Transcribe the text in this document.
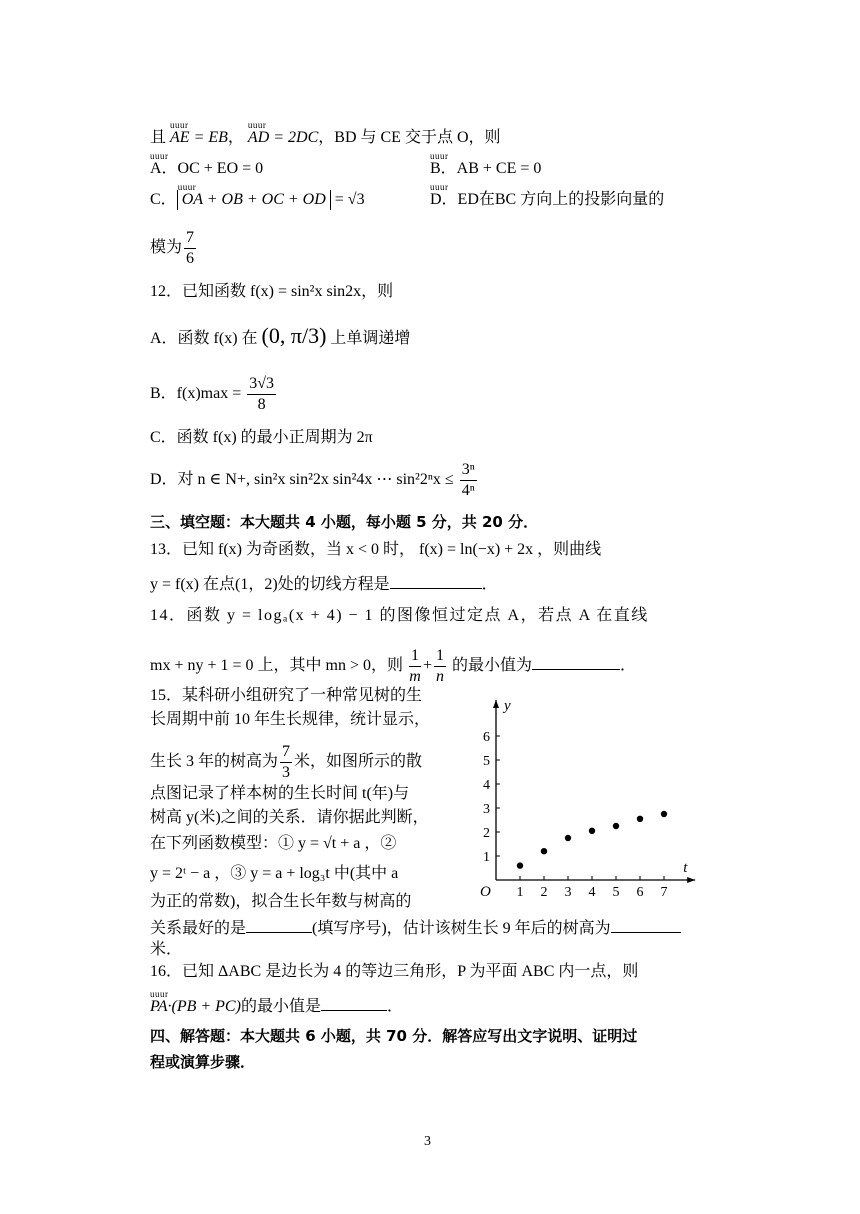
且 uuur AE = EB， uuur AD = 2DC，BD 与 CE 交于点 O，则
uuur A．OC + EO = 0	uuur B．AB + CE = 0
C． uuur OA + OB + OC + OD = √3	uuur D．ED在BC 方向上的投影向量的
模为 $\frac{7}{6}$
12．已知函数 f(x) = sin²x sin2x，则
A．函数 f(x) 在 (0, π/3) 上单调递增
B．$f(x)\max = \frac{3√3}{8}$
C．函数 f(x) 的最小正周期为 2π
D．对 n ∈ N+, sin²x sin²2x sin²4x ⋯ $\sin^22^nx \le \frac{\text{3ⁿ}}{\text{4ⁿ}}$
三、填空题：本大题共 4 小题，每小题 5 分，共 20 分．
13．已知 f(x) 为奇函数，当 x < 0 时， f(x) = ln(−x) + 2x ，则曲线
y = f(x) 在点(1，2)处的切线方程是	．
14．函数 y = logₐ(x + 4) − 1 的图像恒过定点 A，若点 A 在直线
mx + ny + 1 = 0 上，其中 mn > 0，则 $\frac{1}{m} + \frac{1}{n}$ 的最小值为	．
15．某科研小组研究了一种常见树的生
长周期中前 10 年生长规律，统计显示，
生长 3 年的树高为 $\frac{7}{3}$ 米，如图所示的散
点图记录了样本树的生长时间 t(年)与
树高 y(米)之间的关系．请你据此判断，
在下列函数模型：① y = √t + a ，②
y = 2ᵗ − a ，③ y = a + log₃t 中(其中 a
为正的常数)，拟合生长年数与树高的
关系最好的是	(填写序号)，估计该树生长 9 年后的树高为
米．
t
y
O 1 2 3 4 5 6 7
1
2
3
4
5
6
16．已知 ΔABC 是边长为 4 的等边三角形，P 为平面 ABC 内一点，则
uuur PA·(PB + PC)的最小值是	．
四、解答题：本大题共 6 小题，共 70 分．解答应写出文字说明、证明过
程或演算步骤．
3
